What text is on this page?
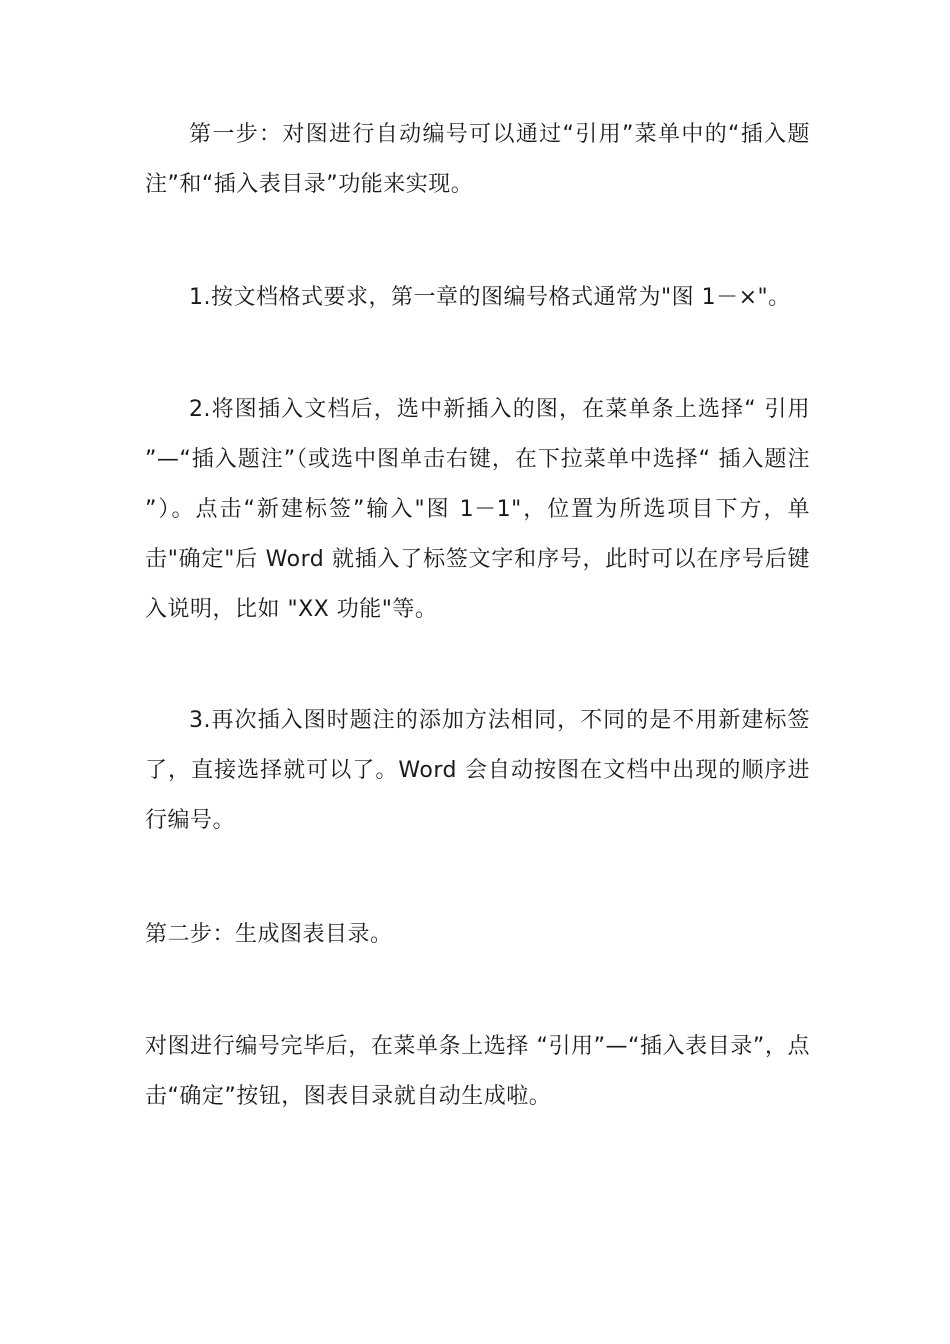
第一步：对图进行自动编号可以通过“引用”菜单中的“插入题注”和“插入表目录”功能来实现。

1.按文档格式要求，第一章的图编号格式通常为"图 1－×"。

2.将图插入文档后，选中新插入的图，在菜单条上选择“ 引用 ”—“插入题注”（或选中图单击右键，在下拉菜单中选择“ 插入题注 ”）。点击“新建标签”输入"图 1－1"，位置为所选项目下方，单击"确定"后 Word 就插入了标签文字和序号，此时可以在序号后键入说明，比如 "XX 功能"等。

3.再次插入图时题注的添加方法相同，不同的是不用新建标签了，直接选择就可以了。Word 会自动按图在文档中出现的顺序进行编号。

第二步：生成图表目录。

对图进行编号完毕后，在菜单条上选择 “引用”—“插入表目录”，点击“确定”按钮，图表目录就自动生成啦。
